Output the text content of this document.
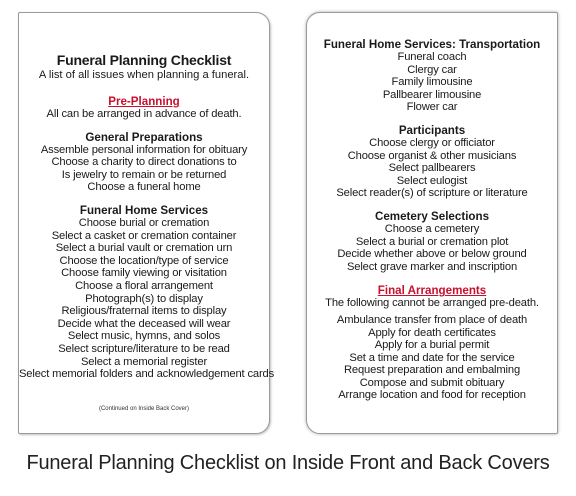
Funeral Planning Checklist
A list of all issues when planning a funeral.
Pre-Planning
All can be arranged in advance of death.
General Preparations
Assemble personal information for obituary
Choose a charity to direct donations to
Is jewelry to remain or be returned
Choose a funeral home
Funeral Home Services
Choose burial or cremation
Select a casket or cremation container
Select a burial vault or cremation urn
Choose the location/type of service
Choose family viewing or visitation
Choose a floral arrangement
Photograph(s) to display
Religious/fraternal items to display
Decide what the deceased will wear
Select music, hymns, and solos
Select scripture/literature to be read
Select a memorial register
Select memorial folders and acknowledgement cards
(Continued on Inside Back Cover)
Funeral Home Services: Transportation
Funeral coach
Clergy car
Family limousine
Pallbearer limousine
Flower car
Participants
Choose clergy or officiator
Choose organist & other musicians
Select pallbearers
Select eulogist
Select reader(s) of scripture or literature
Cemetery Selections
Choose a cemetery
Select a burial or cremation plot
Decide whether above or below ground
Select grave marker and inscription
Final Arrangements
The following cannot be arranged pre-death.
Ambulance transfer from place of death
Apply for death certificates
Apply for a burial permit
Set a time and date for the service
Request preparation and embalming
Compose and submit obituary
Arrange location and food for reception
Funeral Planning Checklist on Inside Front and Back Covers
